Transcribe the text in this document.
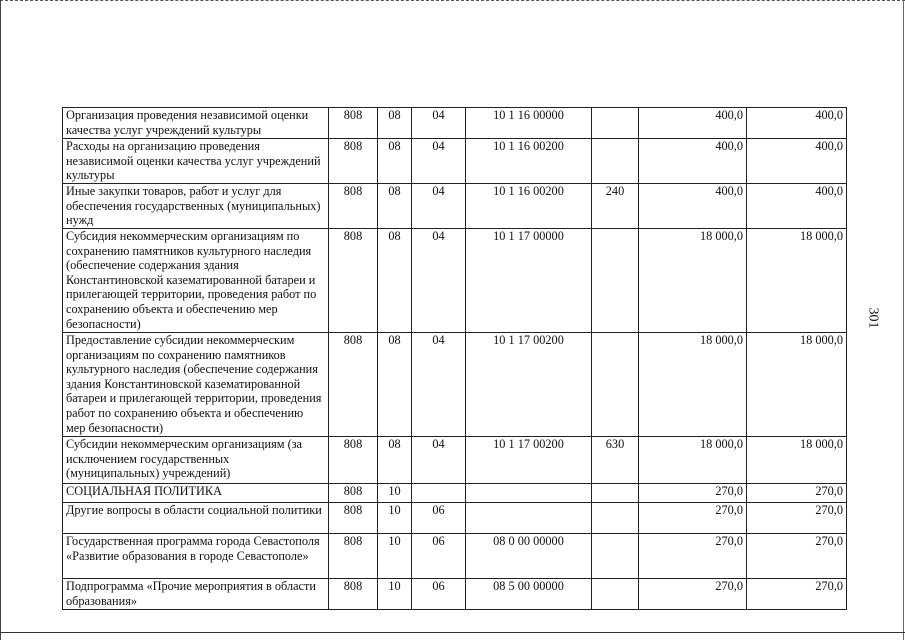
301
Организация проведения независимой оценки качества услуг учреждений культуры	808	08	04	10 1 16 00000		400,0	400,0
Расходы на организацию проведения независимой оценки качества услуг учреждений культуры	808	08	04	10 1 16 00200		400,0	400,0
Иные закупки товаров, работ и услуг для обеспечения государственных (муниципальных) нужд	808	08	04	10 1 16 00200	240	400,0	400,0
Субсидия некоммерческим организациям по сохранению памятников культурного наследия (обеспечение содержания здания Константиновской казематированной батареи и прилегающей территории, проведения работ по сохранению объекта и обеспечению мер безопасности)	808	08	04	10 1 17 00000		18 000,0	18 000,0
Предоставление субсидии некоммерческим организациям по сохранению памятников культурного наследия (обеспечение содержания здания Константиновской казематированной батареи и прилегающей территории, проведения работ по сохранению объекта и обеспечению мер безопасности)	808	08	04	10 1 17 00200		18 000,0	18 000,0
Субсидии некоммерческим организациям (за исключением государственных (муниципальных) учреждений)	808	08	04	10 1 17 00200	630	18 000,0	18 000,0
СОЦИАЛЬНАЯ ПОЛИТИКА	808	10				270,0	270,0
Другие вопросы в области социальной политики	808	10	06			270,0	270,0
Государственная программа города Севастополя «Развитие образования в городе Севастополе»	808	10	06	08 0 00 00000		270,0	270,0
Подпрограмма «Прочие мероприятия в области образования»	808	10	06	08 5 00 00000		270,0	270,0
